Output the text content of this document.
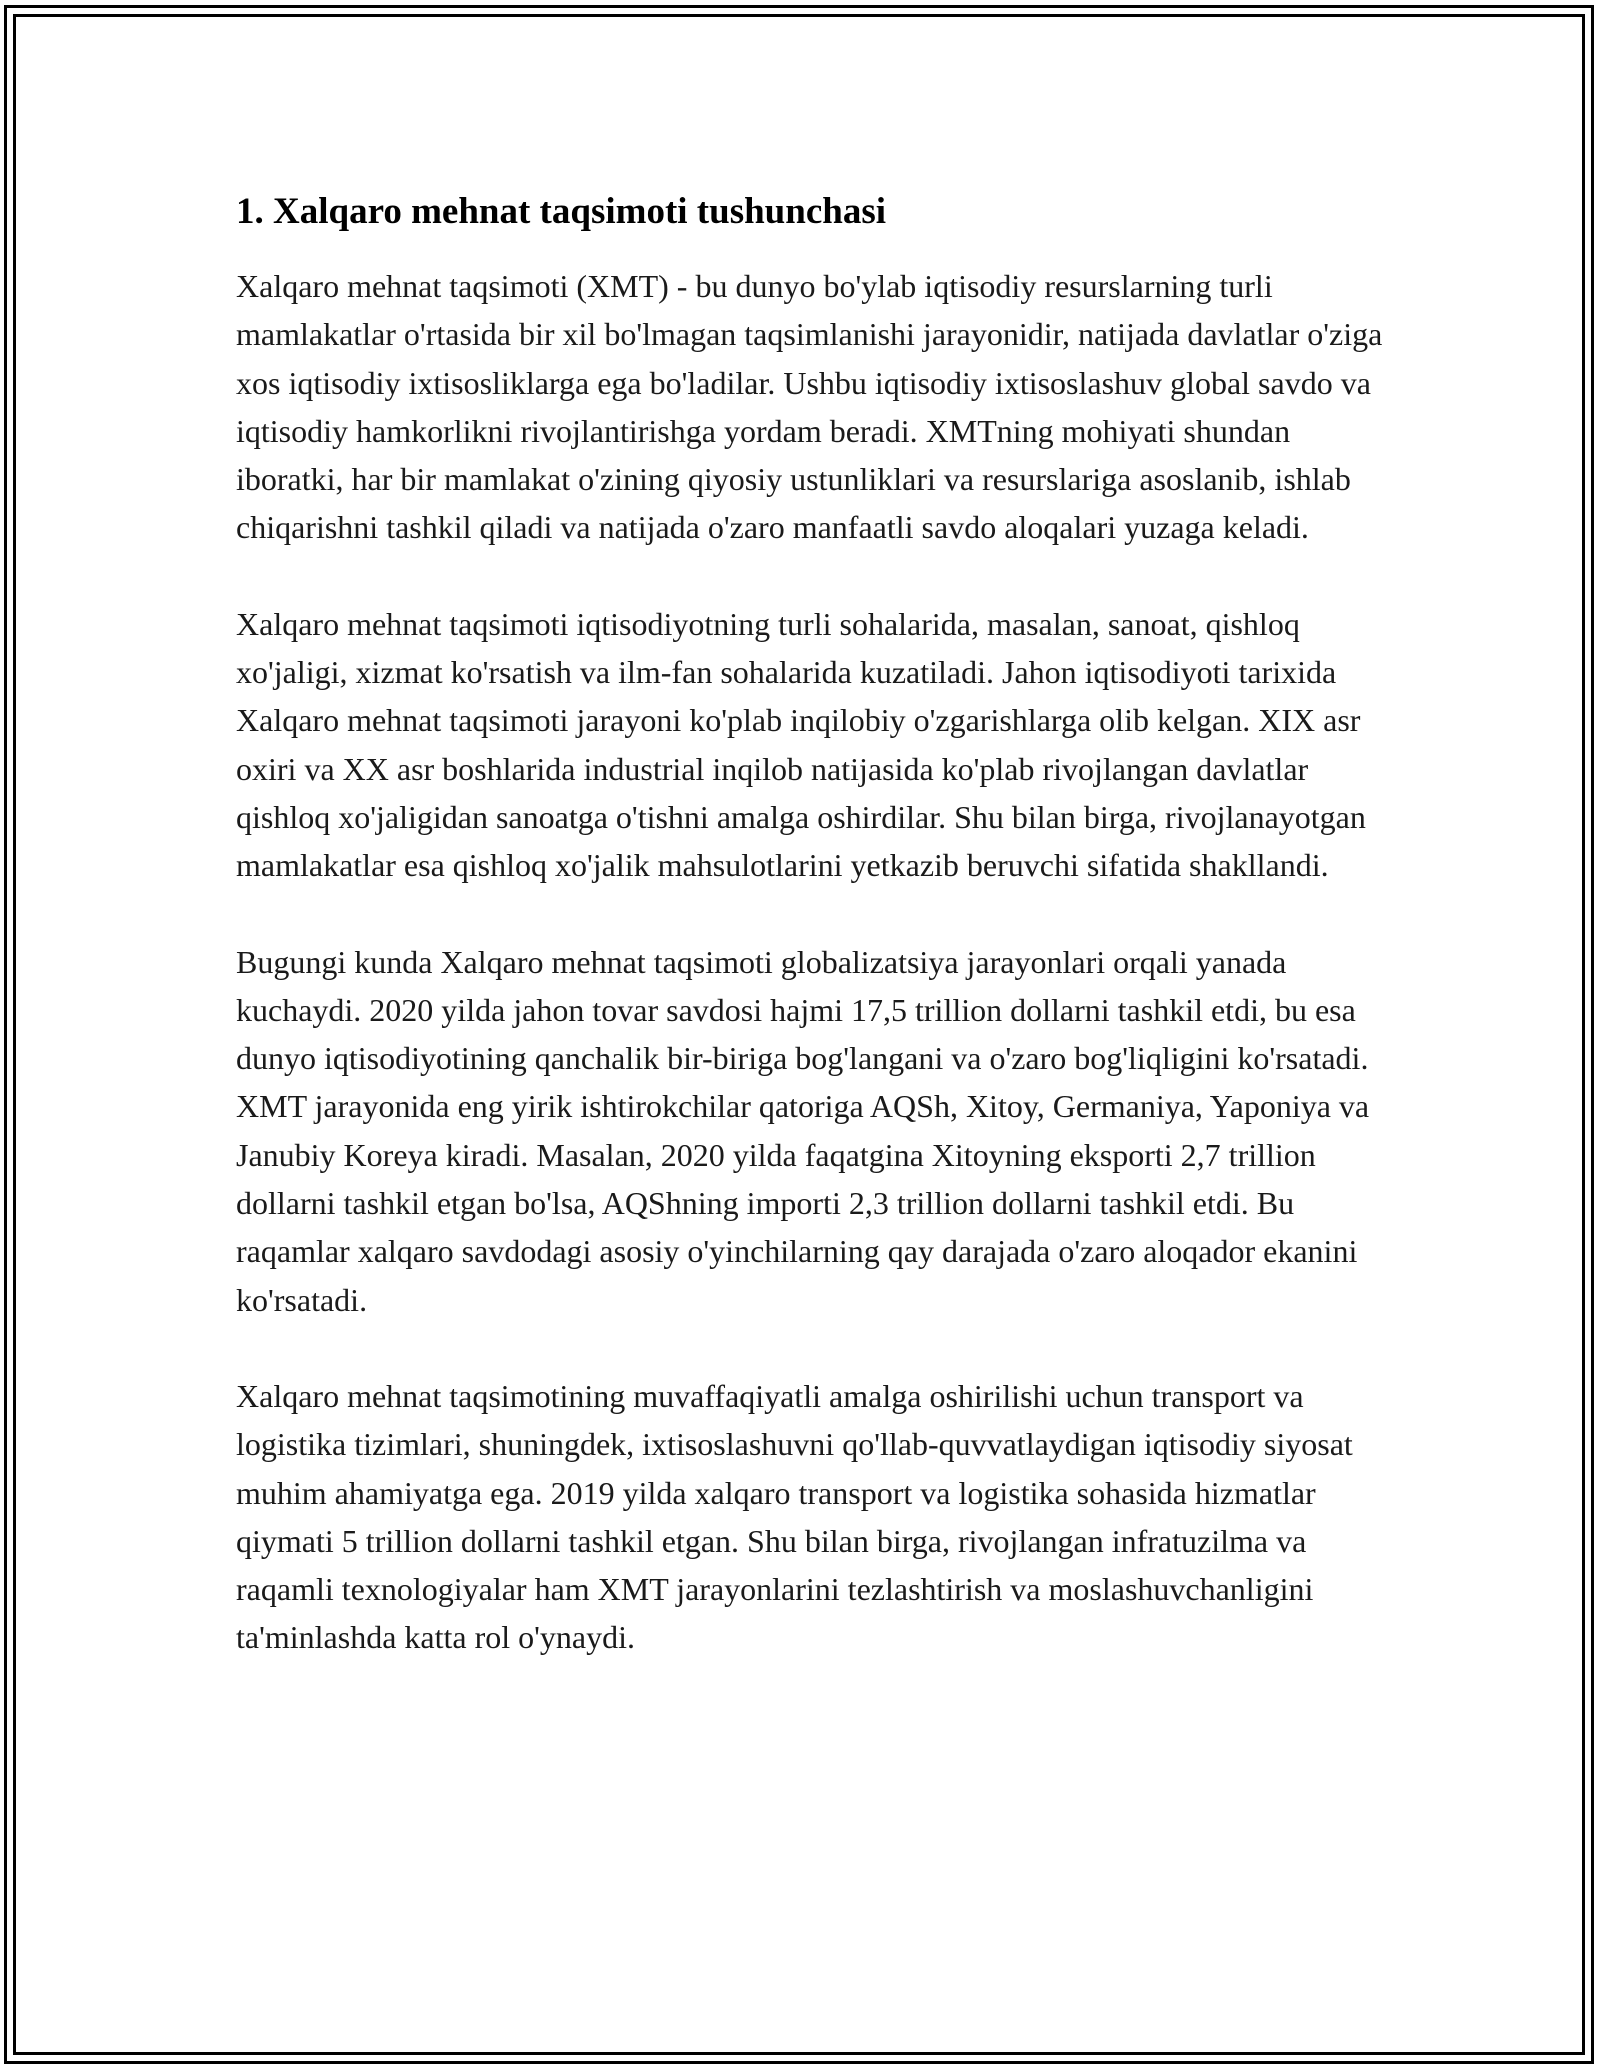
1. Xalqaro mehnat taqsimoti tushunchasi

Xalqaro mehnat taqsimoti (XMT) - bu dunyo bo'ylab iqtisodiy resurslarning turli mamlakatlar o'rtasida bir xil bo'lmagan taqsimlanishi jarayonidir, natijada davlatlar o'ziga xos iqtisodiy ixtisosliklarga ega bo'ladilar. Ushbu iqtisodiy ixtisoslashuv global savdo va iqtisodiy hamkorlikni rivojlantirishga yordam beradi. XMTning mohiyati shundan iboratki, har bir mamlakat o'zining qiyosiy ustunliklari va resurslariga asoslanib, ishlab chiqarishni tashkil qiladi va natijada o'zaro manfaatli savdo aloqalari yuzaga keladi.

Xalqaro mehnat taqsimoti iqtisodiyotning turli sohalarida, masalan, sanoat, qishloq xo'jaligi, xizmat ko'rsatish va ilm-fan sohalarida kuzatiladi. Jahon iqtisodiyoti tarixida Xalqaro mehnat taqsimoti jarayoni ko'plab inqilobiy o'zgarishlarga olib kelgan. XIX asr oxiri va XX asr boshlarida industrial inqilob natijasida ko'plab rivojlangan davlatlar qishloq xo'jaligidan sanoatga o'tishni amalga oshirdilar. Shu bilan birga, rivojlanayotgan mamlakatlar esa qishloq xo'jalik mahsulotlarini yetkazib beruvchi sifatida shakllandi.

Bugungi kunda Xalqaro mehnat taqsimoti globalizatsiya jarayonlari orqali yanada kuchaydi. 2020 yilda jahon tovar savdosi hajmi 17,5 trillion dollarni tashkil etdi, bu esa dunyo iqtisodiyotining qanchalik bir-biriga bog'langani va o'zaro bog'liqligini ko'rsatadi. XMT jarayonida eng yirik ishtirokchilar qatoriga AQSh, Xitoy, Germaniya, Yaponiya va Janubiy Koreya kiradi. Masalan, 2020 yilda faqatgina Xitoyning eksporti 2,7 trillion dollarni tashkil etgan bo'lsa, AQShning importi 2,3 trillion dollarni tashkil etdi. Bu raqamlar xalqaro savdodagi asosiy o'yinchilarning qay darajada o'zaro aloqador ekanini ko'rsatadi.

Xalqaro mehnat taqsimotining muvaffaqiyatli amalga oshirilishi uchun transport va logistika tizimlari, shuningdek, ixtisoslashuvni qo'llab-quvvatlaydigan iqtisodiy siyosat muhim ahamiyatga ega. 2019 yilda xalqaro transport va logistika sohasida hizmatlar qiymati 5 trillion dollarni tashkil etgan. Shu bilan birga, rivojlangan infratuzilma va raqamli texnologiyalar ham XMT jarayonlarini tezlashtirish va moslashuvchanligini ta'minlashda katta rol o'ynaydi.
